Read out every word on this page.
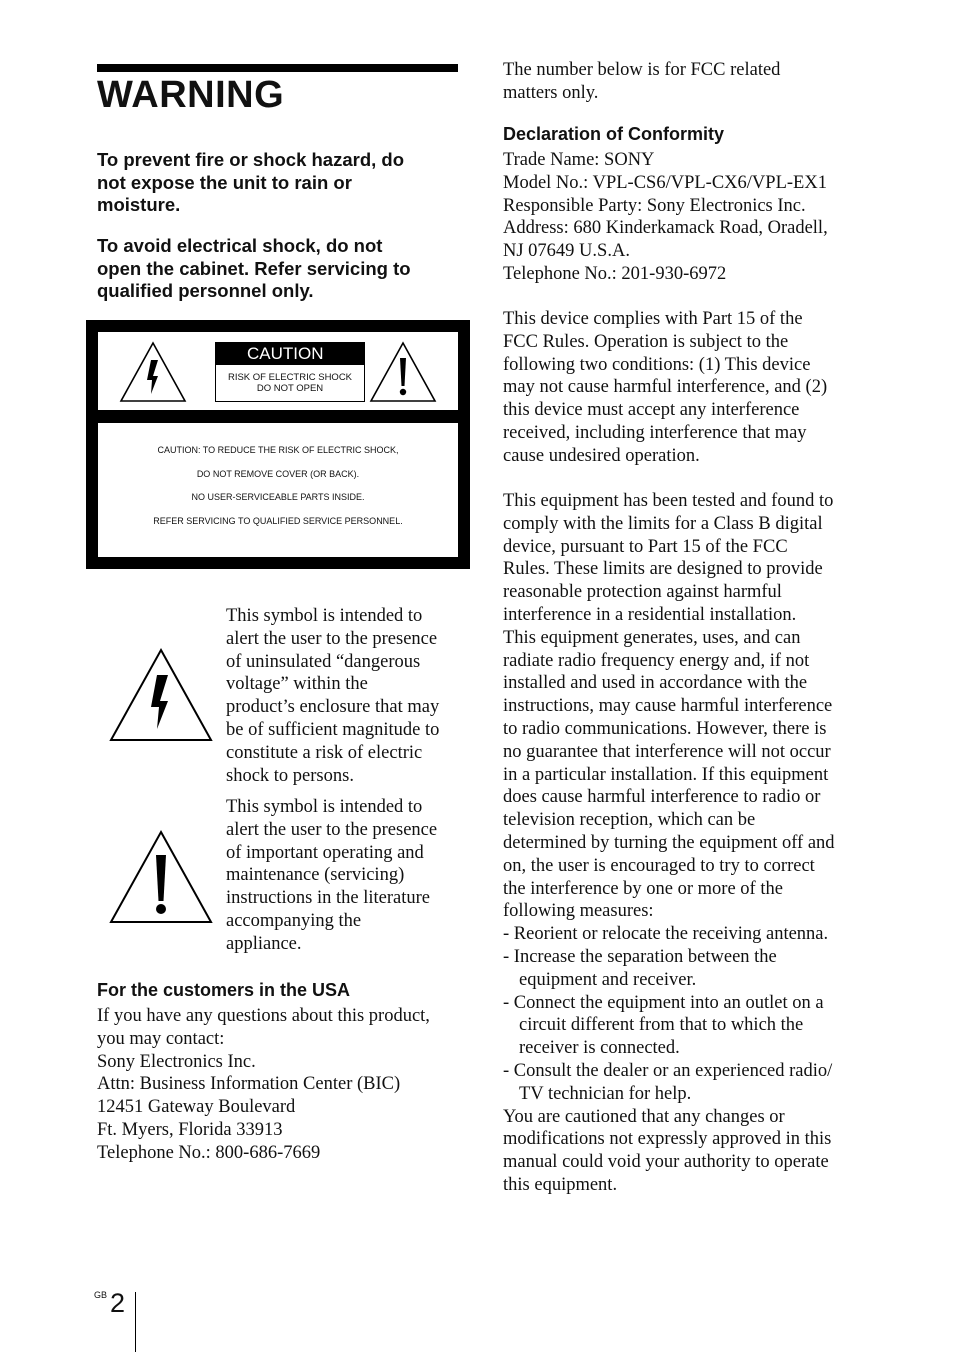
WARNING
To prevent fire or shock hazard, do
not expose the unit to rain or
moisture.
To avoid electrical shock, do not
open the cabinet. Refer servicing to
qualified personnel only.
CAUTION
RISK OF ELECTRIC SHOCK
DO NOT OPEN
CAUTION: TO REDUCE THE RISK OF ELECTRIC SHOCK,
DO NOT REMOVE COVER (OR BACK).
NO USER-SERVICEABLE PARTS INSIDE.
REFER SERVICING TO QUALIFIED SERVICE PERSONNEL.
This symbol is intended to
alert the user to the presence
of uninsulated “dangerous
voltage” within the
product’s enclosure that may
be of sufficient magnitude to
constitute a risk of electric
shock to persons.
This symbol is intended to
alert the user to the presence
of important operating and
maintenance (servicing)
instructions in the literature
accompanying the
appliance.
For the customers in the USA
If you have any questions about this product,
you may contact:
Sony Electronics Inc.
Attn: Business Information Center (BIC)
12451 Gateway Boulevard
Ft. Myers, Florida 33913
Telephone No.: 800-686-7669
The number below is for FCC related
matters only.
Declaration of Conformity
Trade Name: SONY
Model No.: VPL-CS6/VPL-CX6/VPL-EX1
Responsible Party: Sony Electronics Inc.
Address: 680 Kinderkamack Road, Oradell,
NJ 07649 U.S.A.
Telephone No.: 201-930-6972
This device complies with Part 15 of the
FCC Rules. Operation is subject to the
following two conditions: (1) This device
may not cause harmful interference, and (2)
this device must accept any interference
received, including interference that may
cause undesired operation.
This equipment has been tested and found to
comply with the limits for a Class B digital
device, pursuant to Part 15 of the FCC
Rules. These limits are designed to provide
reasonable protection against harmful
interference in a residential installation.
This equipment generates, uses, and can
radiate radio frequency energy and, if not
installed and used in accordance with the
instructions, may cause harmful interference
to radio communications. However, there is
no guarantee that interference will not occur
in a particular installation. If this equipment
does cause harmful interference to radio or
television reception, which can be
determined by turning the equipment off and
on, the user is encouraged to try to correct
the interference by one or more of the
following measures:
- Reorient or relocate the receiving antenna.
- Increase the separation between the
equipment and receiver.
- Connect the equipment into an outlet on a
circuit different from that to which the
receiver is connected.
- Consult the dealer or an experienced radio/
TV technician for help.
You are cautioned that any changes or
modifications not expressly approved in this
manual could void your authority to operate
this equipment.
GB 2
